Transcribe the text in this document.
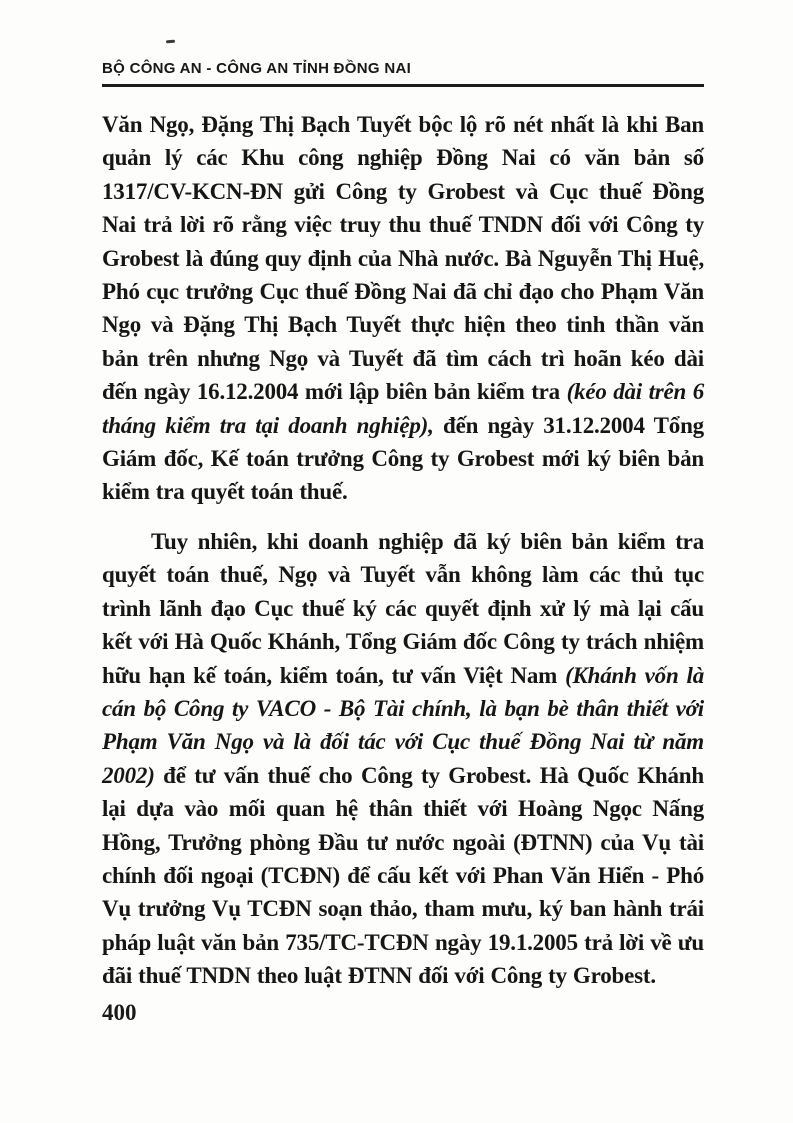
BỘ CÔNG AN - CÔNG AN TỈNH ĐỒNG NAI

Văn Ngọ, Đặng Thị Bạch Tuyết bộc lộ rõ nét nhất là khi Ban quản lý các Khu công nghiệp Đồng Nai có văn bản số 1317/CV-KCN-ĐN gửi Công ty Grobest và Cục thuế Đồng Nai trả lời rõ rằng việc truy thu thuế TNDN đối với Công ty Grobest là đúng quy định của Nhà nước. Bà Nguyễn Thị Huệ, Phó cục trưởng Cục thuế Đồng Nai đã chỉ đạo cho Phạm Văn Ngọ và Đặng Thị Bạch Tuyết thực hiện theo tinh thần văn bản trên nhưng Ngọ và Tuyết đã tìm cách trì hoãn kéo dài đến ngày 16.12.2004 mới lập biên bản kiểm tra (kéo dài trên 6 tháng kiểm tra tại doanh nghiệp), đến ngày 31.12.2004 Tổng Giám đốc, Kế toán trưởng Công ty Grobest mới ký biên bản kiểm tra quyết toán thuế.

Tuy nhiên, khi doanh nghiệp đã ký biên bản kiểm tra quyết toán thuế, Ngọ và Tuyết vẫn không làm các thủ tục trình lãnh đạo Cục thuế ký các quyết định xử lý mà lại cấu kết với Hà Quốc Khánh, Tổng Giám đốc Công ty trách nhiệm hữu hạn kế toán, kiểm toán, tư vấn Việt Nam (Khánh vốn là cán bộ Công ty VACO - Bộ Tài chính, là bạn bè thân thiết với Phạm Văn Ngọ và là đối tác với Cục thuế Đồng Nai từ năm 2002) để tư vấn thuế cho Công ty Grobest. Hà Quốc Khánh lại dựa vào mối quan hệ thân thiết với Hoàng Ngọc Nấng Hồng, Trưởng phòng Đầu tư nước ngoài (ĐTNN) của Vụ tài chính đối ngoại (TCĐN) để cấu kết với Phan Văn Hiển - Phó Vụ trưởng Vụ TCĐN soạn thảo, tham mưu, ký ban hành trái pháp luật văn bản 735/TC-TCĐN ngày 19.1.2005 trả lời về ưu đãi thuế TNDN theo luật ĐTNN đối với Công ty Grobest.

400
